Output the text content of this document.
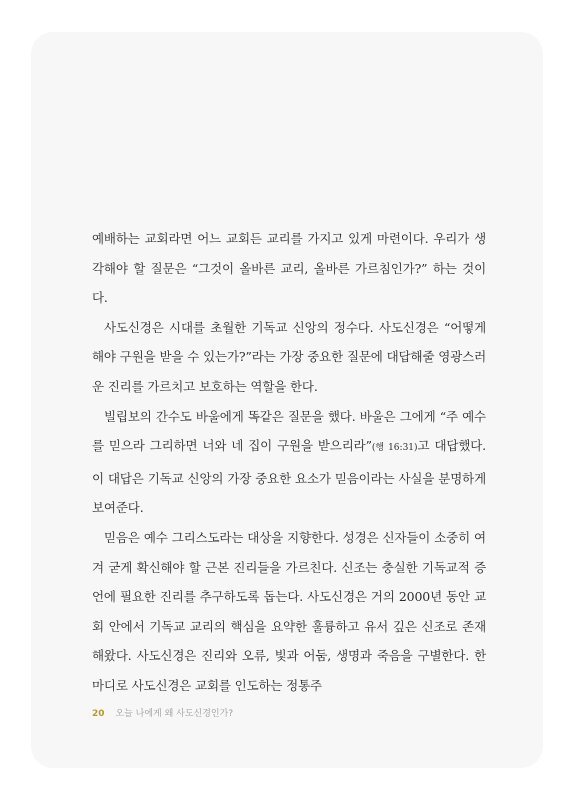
예배하는 교회라면 어느 교회든 교리를 가지고 있게 마련이다. 우리가 생각해야 할 질문은 “그것이 올바른 교리, 올바른 가르침인가?” 하는 것이다.

사도신경은 시대를 초월한 기독교 신앙의 정수다. 사도신경은 “어떻게 해야 구원을 받을 수 있는가?”라는 가장 중요한 질문에 대답해줄 영광스러운 진리를 가르치고 보호하는 역할을 한다.

빌립보의 간수도 바울에게 똑같은 질문을 했다. 바울은 그에게 “주 예수를 믿으라 그리하면 너와 네 집이 구원을 받으리라”(행 16:31)고 대답했다. 이 대답은 기독교 신앙의 가장 중요한 요소가 믿음이라는 사실을 분명하게 보여준다.

믿음은 예수 그리스도라는 대상을 지향한다. 성경은 신자들이 소중히 여겨 굳게 확신해야 할 근본 진리들을 가르친다. 신조는 충실한 기독교적 증언에 필요한 진리를 추구하도록 돕는다. 사도신경은 거의 2000년 동안 교회 안에서 기독교 교리의 핵심을 요약한 훌륭하고 유서 깊은 신조로 존재해왔다. 사도신경은 진리와 오류, 빛과 어둠, 생명과 죽음을 구별한다. 한마디로 사도신경은 교회를 인도하는 정통주

20 오늘 나에게 왜 사도신경인가?
